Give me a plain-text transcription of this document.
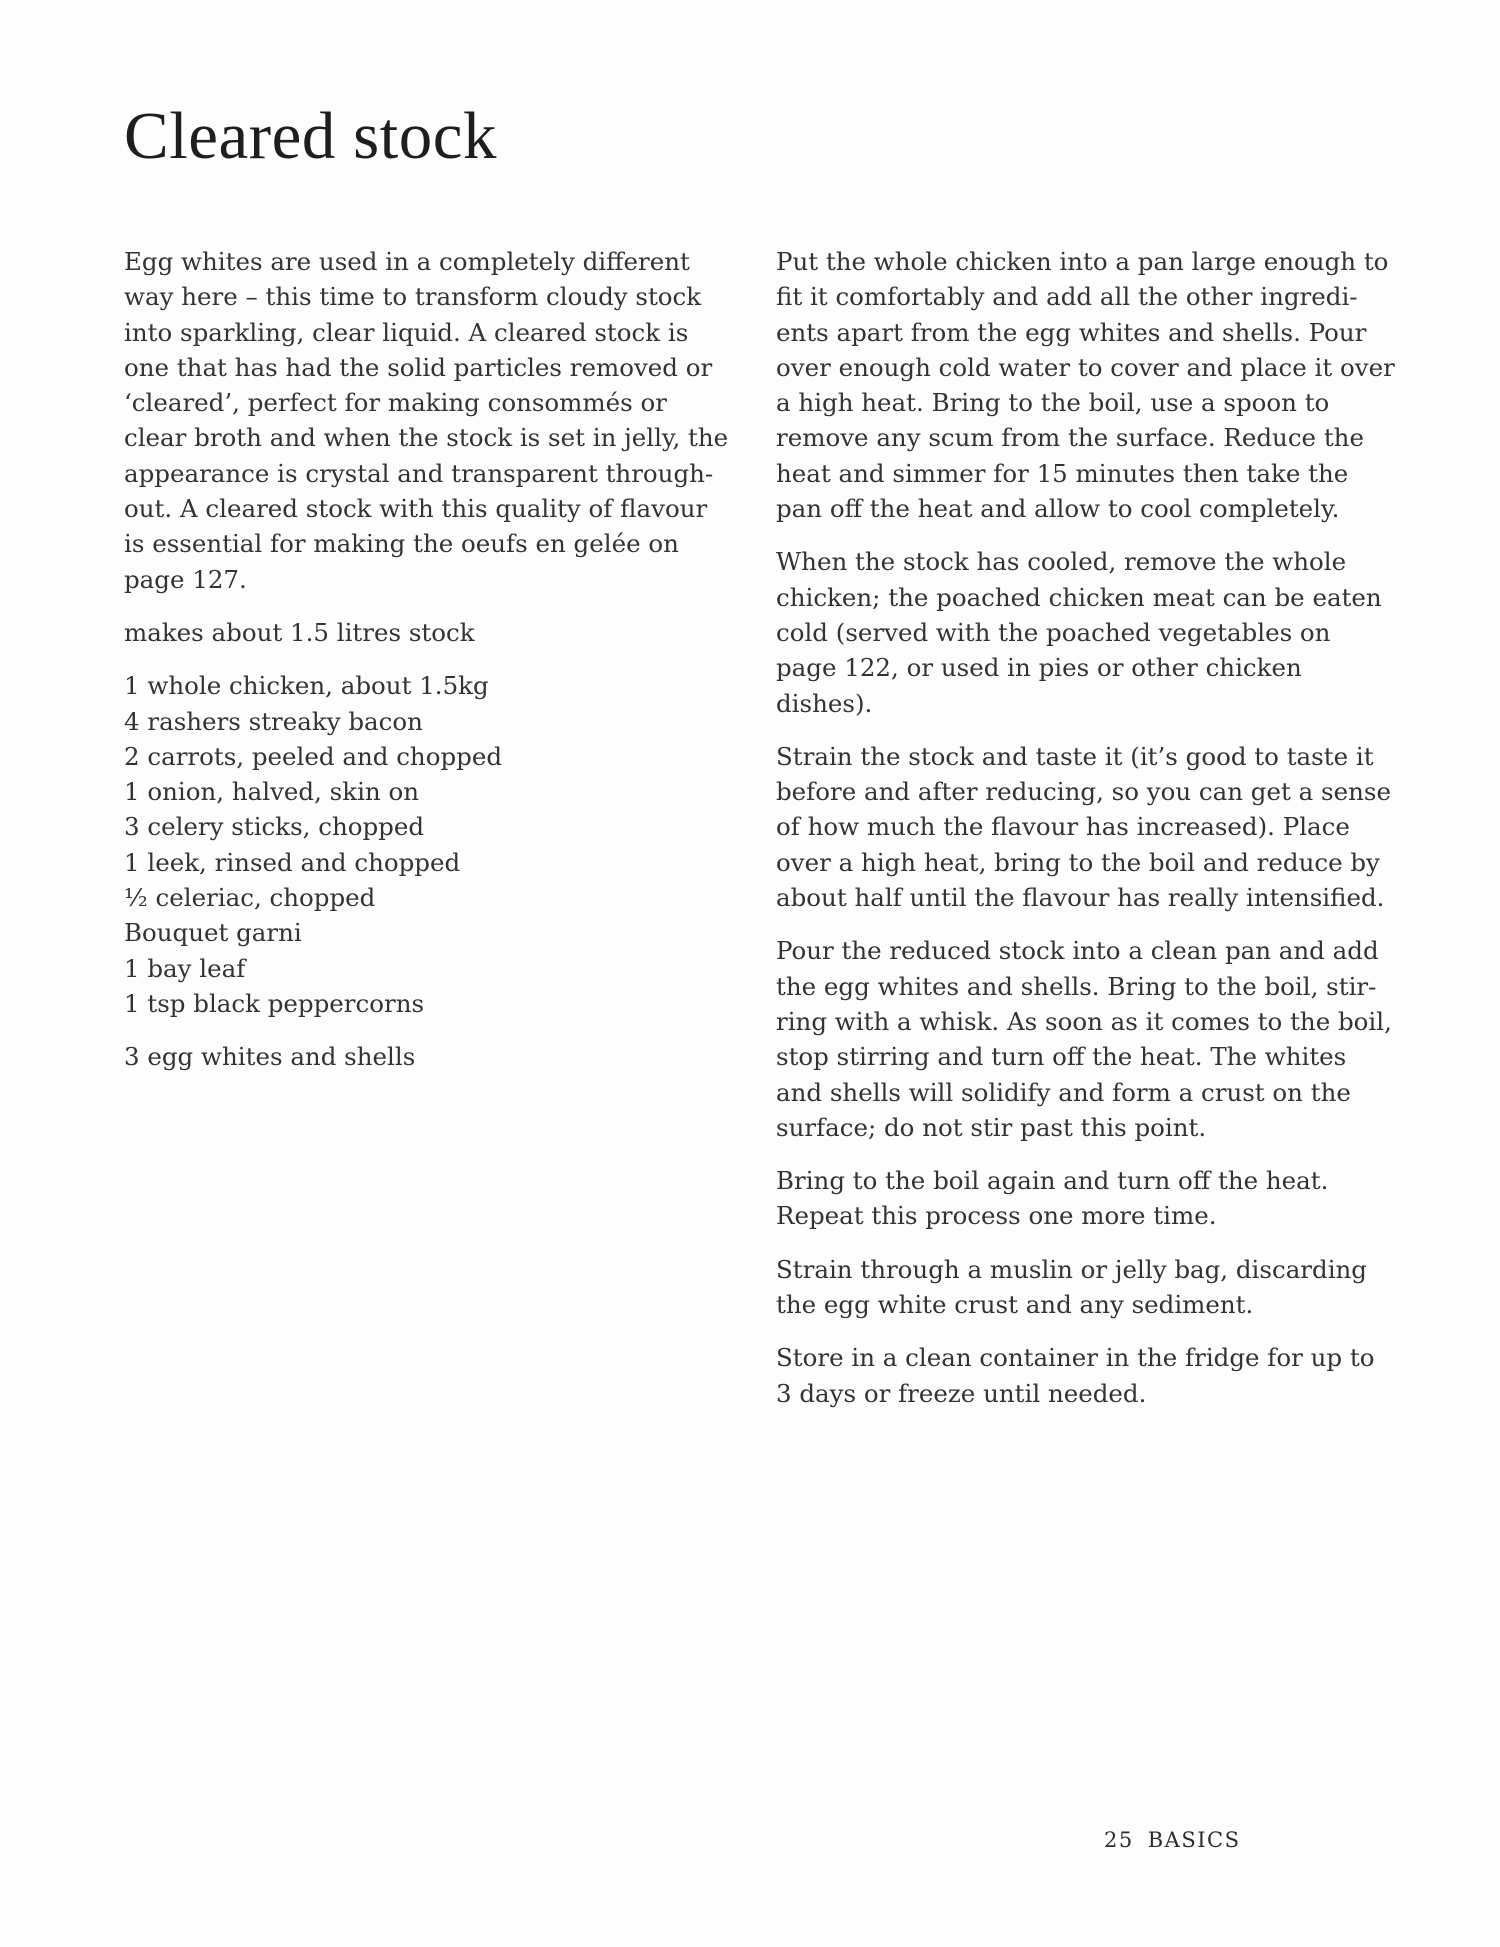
Cleared stock

Egg whites are used in a completely different way here – this time to transform cloudy stock into sparkling, clear liquid. A cleared stock is one that has had the solid particles removed or ‘cleared’, perfect for making consommés or clear broth and when the stock is set in jelly, the appearance is crystal and transparent throughout. A cleared stock with this quality of flavour is essential for making the oeufs en gelée on page 127.

makes about 1.5 litres stock

1 whole chicken, about 1.5kg
4 rashers streaky bacon
2 carrots, peeled and chopped
1 onion, halved, skin on
3 celery sticks, chopped
1 leek, rinsed and chopped
½ celeriac, chopped
Bouquet garni
1 bay leaf
1 tsp black peppercorns

3 egg whites and shells

Put the whole chicken into a pan large enough to fit it comfortably and add all the other ingredients apart from the egg whites and shells. Pour over enough cold water to cover and place it over a high heat. Bring to the boil, use a spoon to remove any scum from the surface. Reduce the heat and simmer for 15 minutes then take the pan off the heat and allow to cool completely.

When the stock has cooled, remove the whole chicken; the poached chicken meat can be eaten cold (served with the poached vegetables on page 122, or used in pies or other chicken dishes).

Strain the stock and taste it (it’s good to taste it before and after reducing, so you can get a sense of how much the flavour has increased). Place over a high heat, bring to the boil and reduce by about half until the flavour has really intensified.

Pour the reduced stock into a clean pan and add the egg whites and shells. Bring to the boil, stirring with a whisk. As soon as it comes to the boil, stop stirring and turn off the heat. The whites and shells will solidify and form a crust on the surface; do not stir past this point.

Bring to the boil again and turn off the heat. Repeat this process one more time.

Strain through a muslin or jelly bag, discarding the egg white crust and any sediment.

Store in a clean container in the fridge for up to 3 days or freeze until needed.

25 BASICS
